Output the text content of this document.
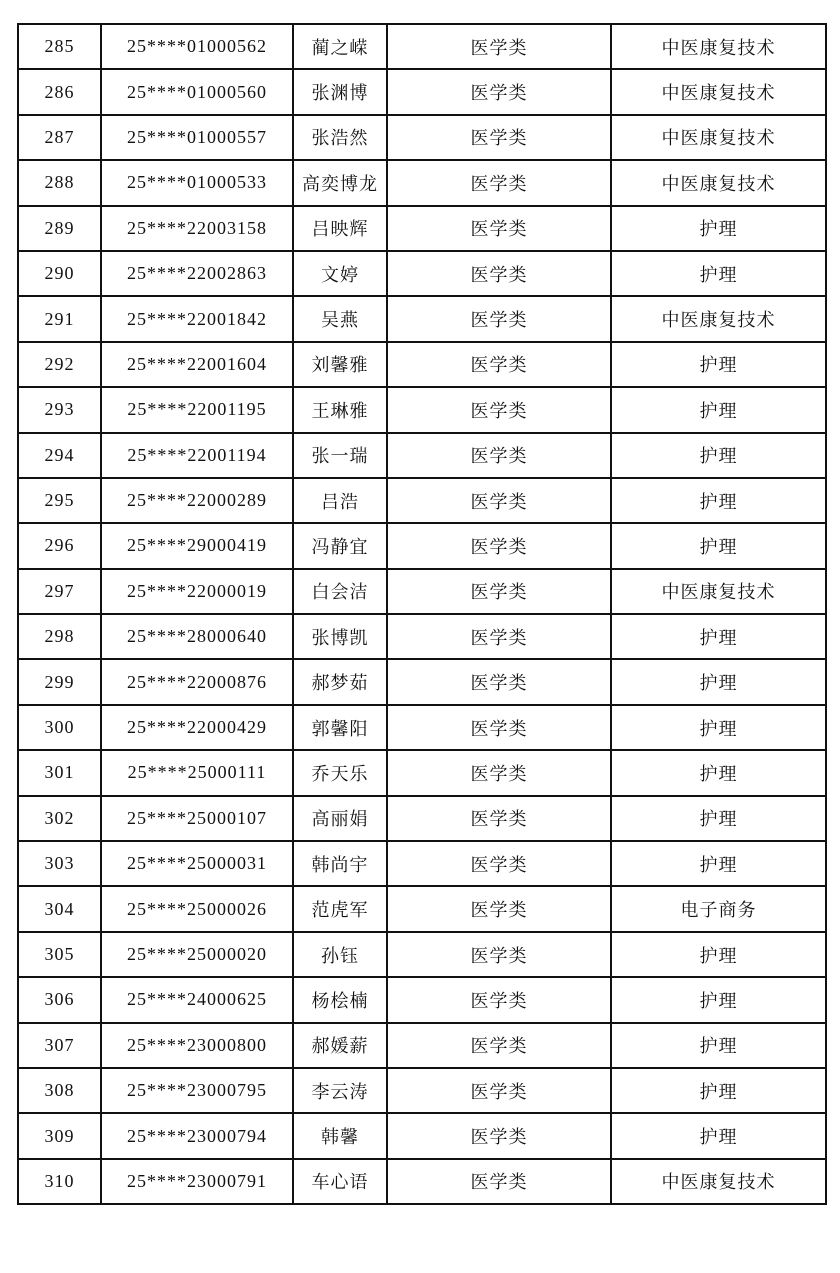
285	25****01000562	蔺之嵘	医学类	中医康复技术
286	25****01000560	张渊博	医学类	中医康复技术
287	25****01000557	张浩然	医学类	中医康复技术
288	25****01000533	高奕博龙	医学类	中医康复技术
289	25****22003158	吕映辉	医学类	护理
290	25****22002863	文婷	医学类	护理
291	25****22001842	吴燕	医学类	中医康复技术
292	25****22001604	刘馨雅	医学类	护理
293	25****22001195	王琳雅	医学类	护理
294	25****22001194	张一瑞	医学类	护理
295	25****22000289	吕浩	医学类	护理
296	25****29000419	冯静宜	医学类	护理
297	25****22000019	白会洁	医学类	中医康复技术
298	25****28000640	张博凯	医学类	护理
299	25****22000876	郝梦茹	医学类	护理
300	25****22000429	郭馨阳	医学类	护理
301	25****25000111	乔天乐	医学类	护理
302	25****25000107	高丽娟	医学类	护理
303	25****25000031	韩尚宇	医学类	护理
304	25****25000026	范虎军	医学类	电子商务
305	25****25000020	孙钰	医学类	护理
306	25****24000625	杨桧楠	医学类	护理
307	25****23000800	郝媛薪	医学类	护理
308	25****23000795	李云涛	医学类	护理
309	25****23000794	韩馨	医学类	护理
310	25****23000791	车心语	医学类	中医康复技术
